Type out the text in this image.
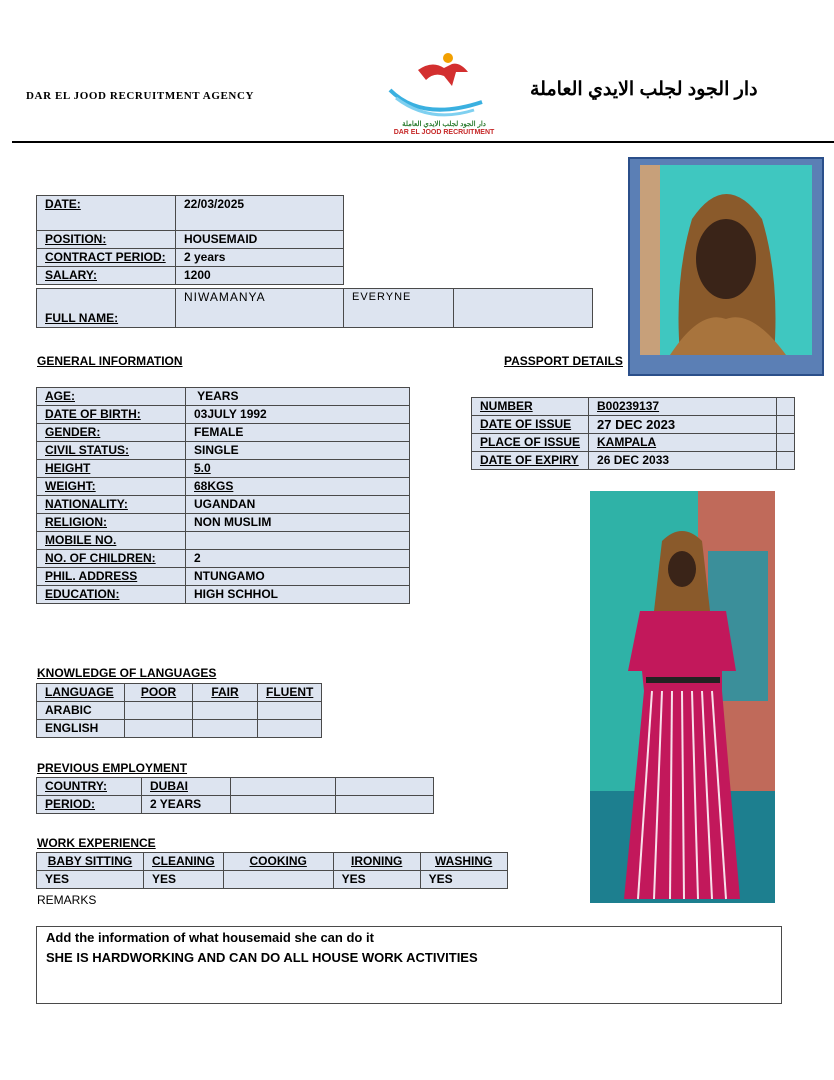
DAR EL JOOD RECRUITMENT AGENCY
دار الجود لجلب الايدي العاملة
DAR EL JOOD RECRUITMENT
دار الجود لجلب الايدي العاملة
DATE:	22/03/2025
POSITION:	HOUSEMAID
CONTRACT PERIOD:	2 years
SALARY:	1200
FULL NAME:	NIWAMANYA	EVERYNE	
GENERAL INFORMATION
AGE:	YEARS
DATE OF BIRTH:	03JULY 1992
GENDER:	FEMALE
CIVIL STATUS:	SINGLE
HEIGHT	5.0
WEIGHT:	68KGS
NATIONALITY:	UGANDAN
RELIGION:	NON MUSLIM
MOBILE NO.	
NO. OF CHILDREN:	2
PHIL. ADDRESS	NTUNGAMO
EDUCATION:	HIGH SCHHOL
PASSPORT DETAILS
NUMBER	B00239137	
DATE OF ISSUE	27 DEC 2023	
PLACE OF ISSUE	KAMPALA	
DATE OF EXPIRY	26 DEC 2033	
KNOWLEDGE OF LANGUAGES
LANGUAGE	POOR	FAIR	FLUENT
ARABIC			
ENGLISH			
PREVIOUS EMPLOYMENT
COUNTRY:	DUBAI		
PERIOD:	2 YEARS		
WORK EXPERIENCE
BABY SITTING	CLEANING	COOKING	IRONING	WASHING
YES	YES		YES	YES
REMARKS
Add the information of what housemaid she can do it
SHE IS HARDWORKING AND CAN DO ALL HOUSE WORK ACTIVITIES
